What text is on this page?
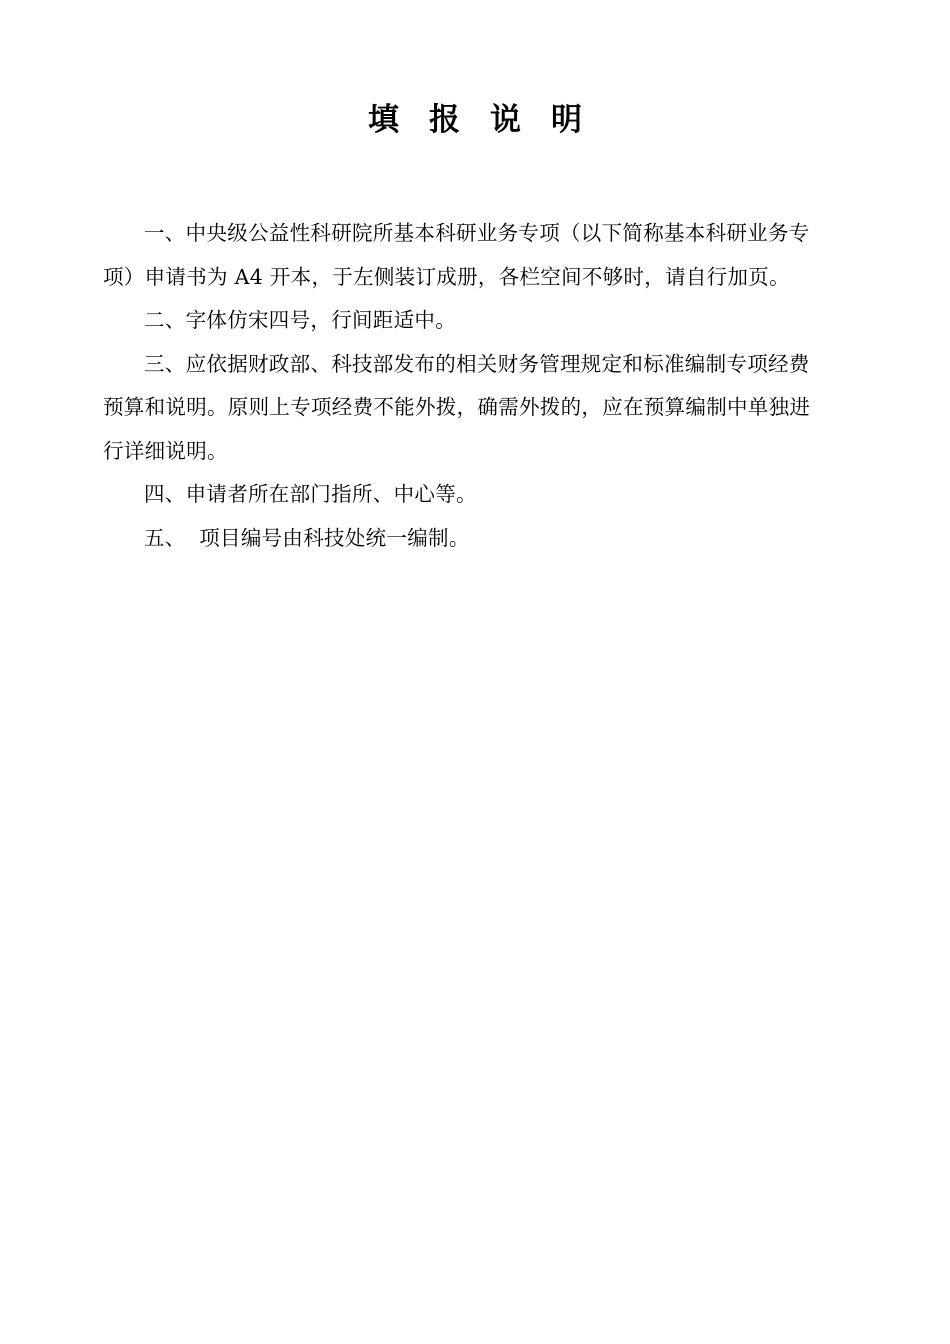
填报说明
一、中央级公益性科研院所基本科研业务专项（以下简称基本科研业务专
项）申请书为 A4 开本，于左侧装订成册，各栏空间不够时，请自行加页。
二、字体仿宋四号，行间距适中。
三、应依据财政部、科技部发布的相关财务管理规定和标准编制专项经费
预算和说明。原则上专项经费不能外拨，确需外拨的，应在预算编制中单独进
行详细说明。
四、申请者所在部门指所、中心等。
五、  项目编号由科技处统一编制。
